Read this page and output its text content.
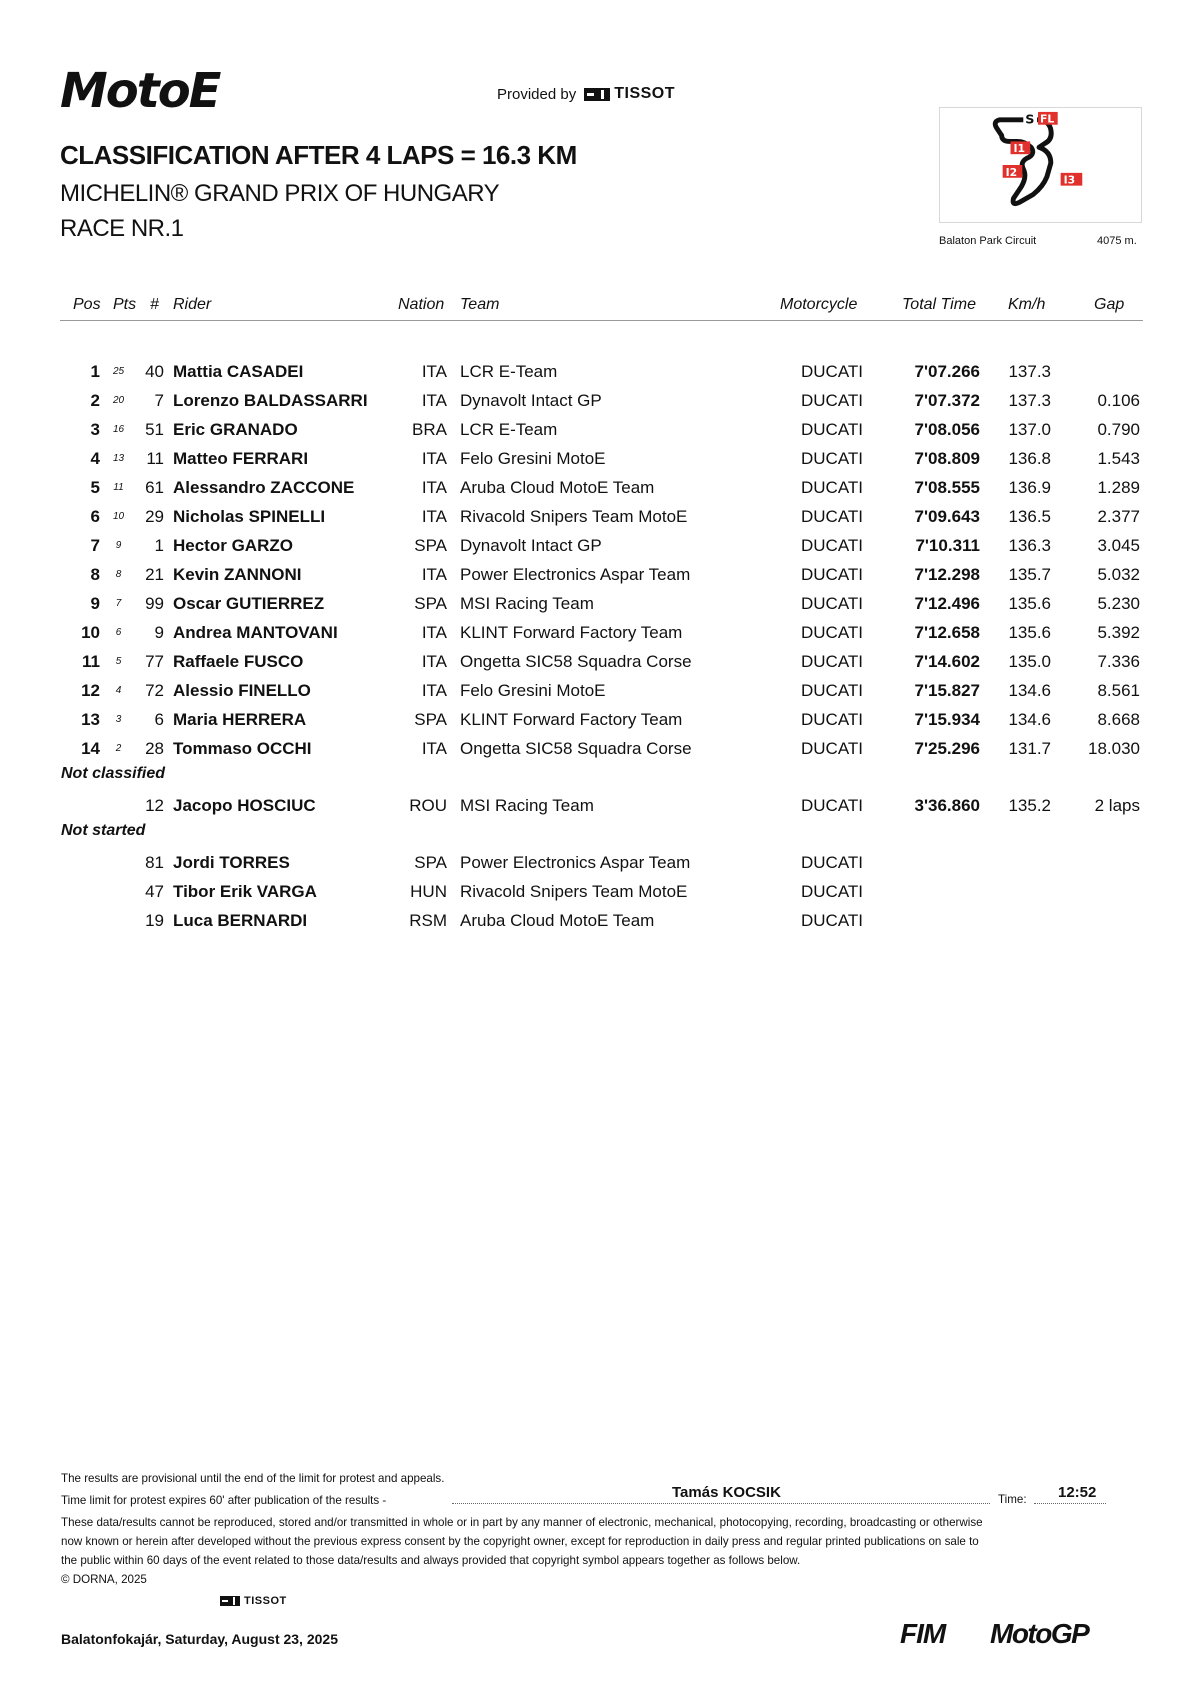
MotoE	Provided by TISSOT
CLASSIFICATION AFTER 4 LAPS = 16.3 KM
MICHELIN® GRAND PRIX OF HUNGARY
RACE NR.1
S FL
I1
I2
I3
Balaton Park Circuit	4075 m.
Pos Pts # Rider	Nation Team	Motorcycle	Total Time Km/h	Gap
1 25	40 Mattia CASADEI	ITA LCR E-Team	DUCATI	7'07.266	137.3
2 20	7 Lorenzo BALDASSARRI	ITA Dynavolt Intact GP	DUCATI	7'07.372	137.3	0.106
3 16	51 Eric GRANADO	BRA LCR E-Team	DUCATI	7'08.056	137.0	0.790
4 13	11 Matteo FERRARI	ITA Felo Gresini MotoE	DUCATI	7'08.809	136.8	1.543
5	11	61 Alessandro ZACCONE	ITA Aruba Cloud MotoE Team	DUCATI	7'08.555	136.9	1.289
6 10	29 Nicholas SPINELLI	ITA Rivacold Snipers Team MotoE	DUCATI	7'09.643	136.5	2.377
7	9	1 Hector GARZO	SPA Dynavolt Intact GP	DUCATI	7'10.311	136.3	3.045
8	8	21 Kevin ZANNONI	ITA Power Electronics Aspar Team	DUCATI	7'12.298	135.7	5.032
9	7	99 Oscar GUTIERREZ	SPA MSI Racing Team	DUCATI	7'12.496	135.6	5.230
10	6	9 Andrea MANTOVANI	ITA KLINT Forward Factory Team	DUCATI	7'12.658	135.6	5.392
11	5	77 Raffaele FUSCO	ITA Ongetta SIC58 Squadra Corse	DUCATI	7'14.602	135.0	7.336
12	4	72 Alessio FINELLO	ITA Felo Gresini MotoE	DUCATI	7'15.827	134.6	8.561
13	3	6 Maria HERRERA	SPA KLINT Forward Factory Team	DUCATI	7'15.934	134.6	8.668
14	2	28 Tommaso OCCHI	ITA Ongetta SIC58 Squadra Corse	DUCATI	7'25.296	131.7	18.030
12 Jacopo HOSCIUC	ROU MSI Racing Team	DUCATI	3'36.860	135.2	2 laps
81 Jordi TORRES	SPA Power Electronics Aspar Team	DUCATI
47 Tibor Erik VARGA	HUN Rivacold Snipers Team MotoE	DUCATI
19 Luca BERNARDI	RSM Aruba Cloud MotoE Team	DUCATI
Not classified
Not started
The results are provisional until the end of the limit for protest and appeals.
Time limit for protest expires 60' after publication of the results -	Tamás KOCSIK	Time: 12:52
These data/results cannot be reproduced, stored and/or transmitted in whole or in part by any manner of electronic, mechanical, photocopying, recording, broadcasting or otherwise
now known or herein after developed without the previous express consent by the copyright owner, except for reproduction in daily press and regular printed publications on sale to
the public within 60 days of the event related to those data/results and always provided that copyright symbol appears together as follows below.
© DORNA, 2025
TISSOT
Balatonfokajár, Saturday, August 23, 2025	FIM MotoGP
